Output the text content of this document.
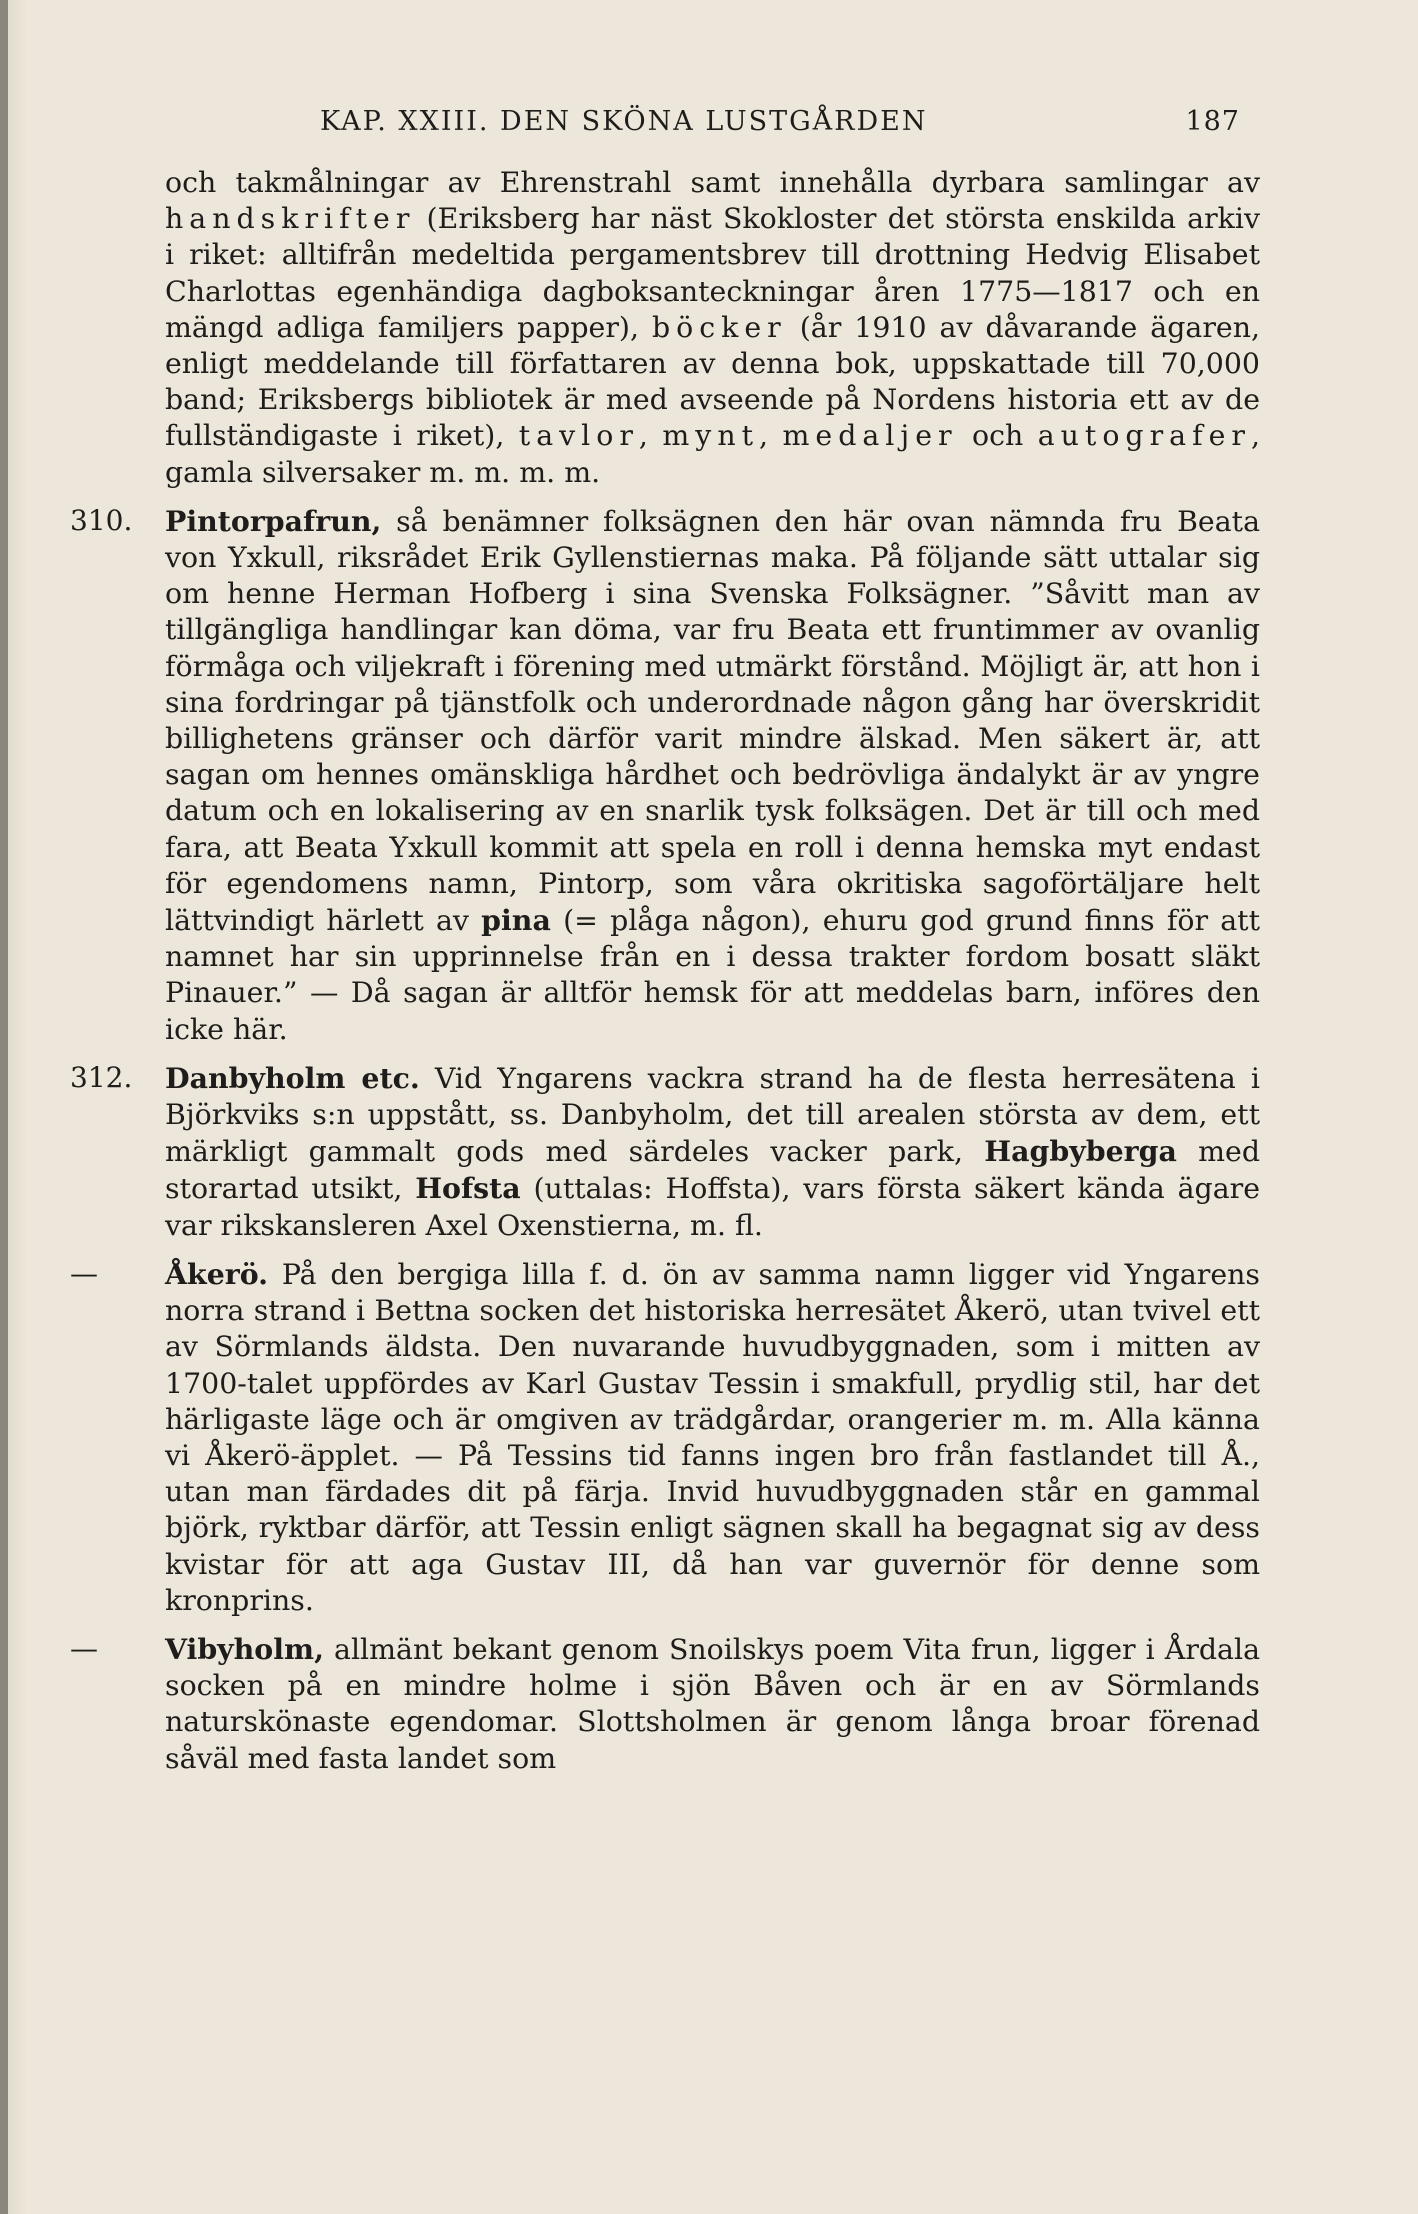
KAP. XXIII. DEN SKÖNA LUSTGÅRDEN	187

och takmålningar av Ehrenstrahl samt innehålla dyrbara samlingar av handskrifter (Eriksberg har näst Skokloster det största enskilda arkiv i riket: alltifrån medeltida pergamentsbrev till drottning Hedvig Elisabet Charlottas egenhändiga dagboksanteckningar åren 1775—1817 och en mängd adliga familjers papper), böcker (år 1910 av dåvarande ägaren, enligt meddelande till författaren av denna bok, uppskattade till 70,000 band; Eriksbergs bibliotek är med avseende på Nordens historia ett av de fullständigaste i riket), tavlor, mynt, medaljer och autografer, gamla silversaker m. m. m. m.

310.	Pintorpafrun, så benämner folksägnen den här ovan nämnda fru Beata von Yxkull, riksrådet Erik Gyllenstiernas maka. På följande sätt uttalar sig om henne Herman Hofberg i sina Svenska Folksägner. ”Såvitt man av tillgängliga handlingar kan döma, var fru Beata ett fruntimmer av ovanlig förmåga och viljekraft i förening med utmärkt förstånd. Möjligt är, att hon i sina fordringar på tjänstfolk och underordnade någon gång har överskridit billighetens gränser och därför varit mindre älskad. Men säkert är, att sagan om hennes omänskliga hårdhet och bedrövliga ändalykt är av yngre datum och en lokalisering av en snarlik tysk folksägen. Det är till och med fara, att Beata Yxkull kommit att spela en roll i denna hemska myt endast för egendomens namn, Pintorp, som våra okritiska sagoförtäljare helt lättvindigt härlett av pina (= plåga någon), ehuru god grund finns för att namnet har sin upprinnelse från en i dessa trakter fordom bosatt släkt Pinauer.” — Då sagan är alltför hemsk för att meddelas barn, införes den icke här.

312.	Danbyholm etc. Vid Yngarens vackra strand ha de flesta herresätena i Björkviks s:n uppstått, ss. Danbyholm, det till arealen största av dem, ett märkligt gammalt gods med särdeles vacker park, Hagbyberga med storartad utsikt, Hofsta (uttalas: Hoffsta), vars första säkert kända ägare var rikskansleren Axel Oxenstierna, m. fl.

—	Åkerö. På den bergiga lilla f. d. ön av samma namn ligger vid Yngarens norra strand i Bettna socken det historiska herresätet Åkerö, utan tvivel ett av Sörmlands äldsta. Den nuvarande huvudbyggnaden, som i mitten av 1700-talet uppfördes av Karl Gustav Tessin i smakfull, prydlig stil, har det härligaste läge och är omgiven av trädgårdar, orangerier m. m. Alla känna vi Åkerö-äpplet. — På Tessins tid fanns ingen bro från fastlandet till Å., utan man färdades dit på färja. Invid huvudbyggnaden står en gammal björk, ryktbar därför, att Tessin enligt sägnen skall ha begagnat sig av dess kvistar för att aga Gustav III, då han var guvernör för denne som kronprins.

—	Vibyholm, allmänt bekant genom Snoilskys poem Vita frun, ligger i Årdala socken på en mindre holme i sjön Båven och är en av Sörmlands naturskönaste egendomar. Slottsholmen är genom långa broar förenad såväl med fasta landet som
